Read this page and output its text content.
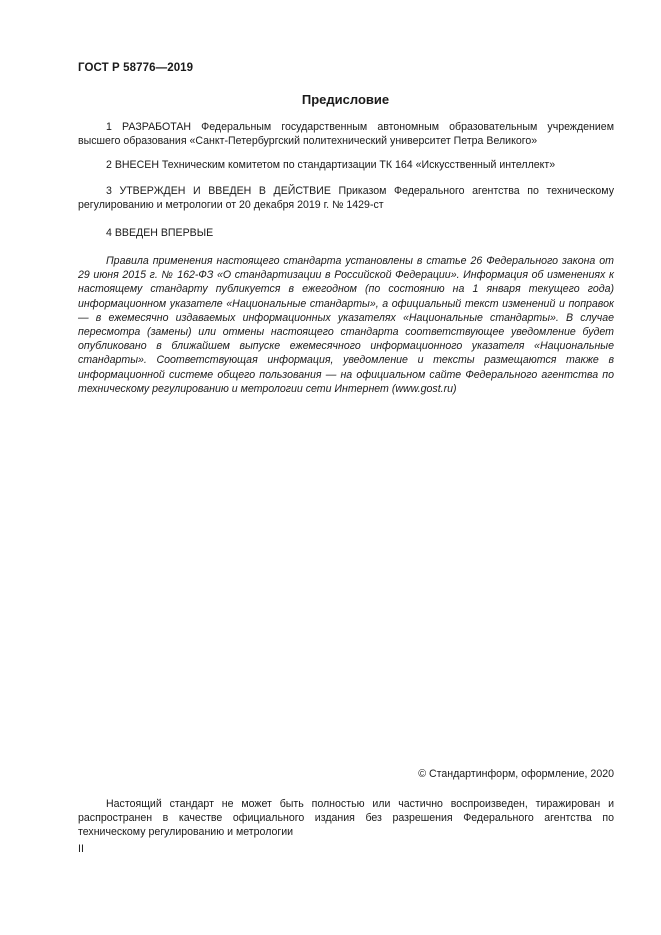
ГОСТ Р 58776—2019
Предисловие

1 РАЗРАБОТАН Федеральным государственным автономным образовательным учреждением высшего образования «Санкт-Петербургский политехнический университет Петра Великого»

2 ВНЕСЕН Техническим комитетом по стандартизации ТК 164 «Искусственный интеллект»

3 УТВЕРЖДЕН И ВВЕДЕН В ДЕЙСТВИЕ Приказом Федерального агентства по техническому регулированию и метрологии от 20 декабря 2019 г. № 1429-ст

4 ВВЕДЕН ВПЕРВЫЕ

Правила применения настоящего стандарта установлены в статье 26 Федерального закона от 29 июня 2015 г. № 162-ФЗ «О стандартизации в Российской Федерации». Информация об изменениях к настоящему стандарту публикуется в ежегодном (по состоянию на 1 января текущего года) информационном указателе «Национальные стандарты», а официальный текст изменений и поправок — в ежемесячно издаваемых информационных указателях «Национальные стандарты». В случае пересмотра (замены) или отмены настоящего стандарта соответствующее уведомление будет опубликовано в ближайшем выпуске ежемесячного информационного указателя «Национальные стандарты». Соответствующая информация, уведомление и тексты размещаются также в информационной системе общего пользования — на официальном сайте Федерального агентства по техническому регулированию и метрологии сети Интернет (www.gost.ru)

© Стандартинформ, оформление, 2020

Настоящий стандарт не может быть полностью или частично воспроизведен, тиражирован и распространен в качестве официального издания без разрешения Федерального агентства по техническому регулированию и метрологии

II
